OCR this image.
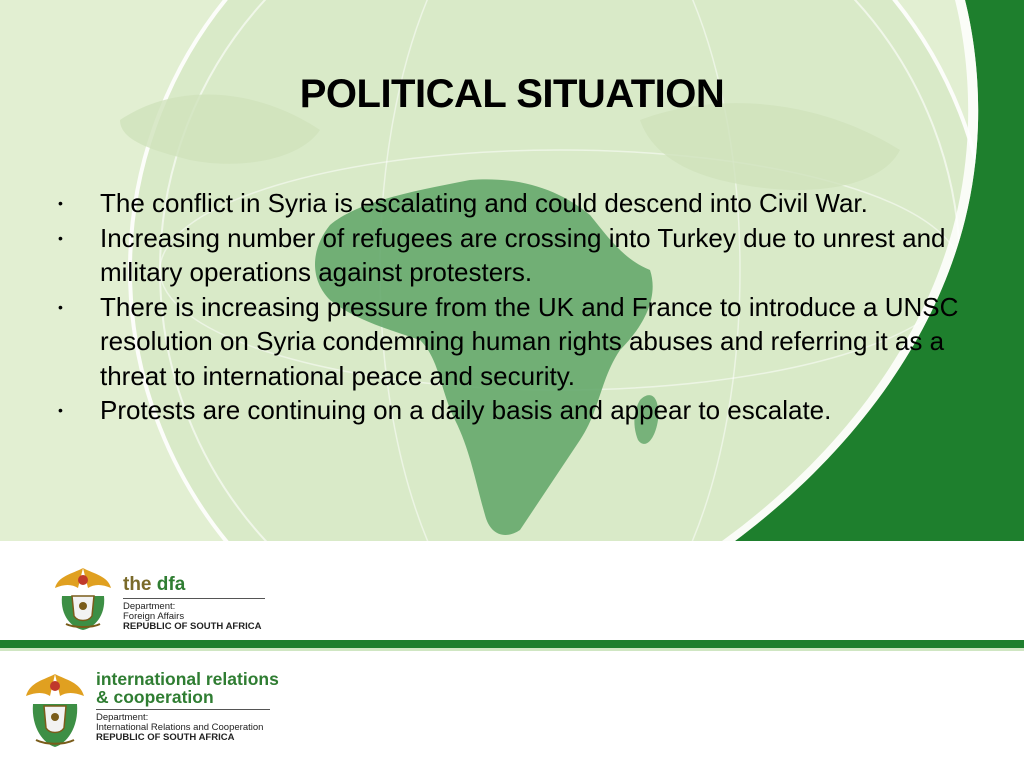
POLITICAL SITUATION
• The conflict in Syria is escalating and could descend into Civil War.
• Increasing number of refugees are crossing into Turkey due to unrest and military operations against protesters.
• There is increasing pressure from the UK and France to introduce a UNSC resolution on Syria condemning human rights abuses and referring it as a threat to international peace and security.
• Protests are continuing on a daily basis and appear to escalate.
the dfa
Department:
Foreign Affairs
REPUBLIC OF SOUTH AFRICA
international relations
& cooperation
Department:
International Relations and Cooperation
REPUBLIC OF SOUTH AFRICA
